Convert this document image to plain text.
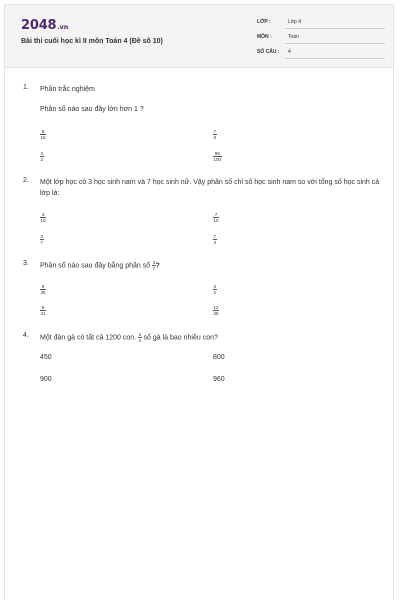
2048.vn
Bài thi cuối học kì II môn Toán 4 (Đề số 10)
LỚP :	Lớp 4
MÔN :	Toán
SỐ CÂU : 4
1. Phần trắc nghiệm
Phân số nào sau đây lớn hơn 1 ?
$\frac{8}{15}$	$\frac{7}{8}$
$\frac{3}{2}$	$\frac{99}{100}$
2. Một lớp học có 3 học sinh nam và 7 học sinh nữ. Vậy phân số chỉ số học sinh nam so với tổng số học sinh cả lớp là:
$\frac{3}{10}$	$\frac{7}{10}$
$\frac{3}{7}$	$\frac{7}{3}$
3. Phân số nào sau đây bằng phân số $\frac{3}{7}$ ?
$\frac{9}{35}$	$\frac{3}{2}$
$\frac{9}{21}$	$\frac{12}{28}$
4. Một đàn gà có tất cả 1200 con. $\frac{3}{4}$ số gà là bao nhiêu con?
450	800
900	960
